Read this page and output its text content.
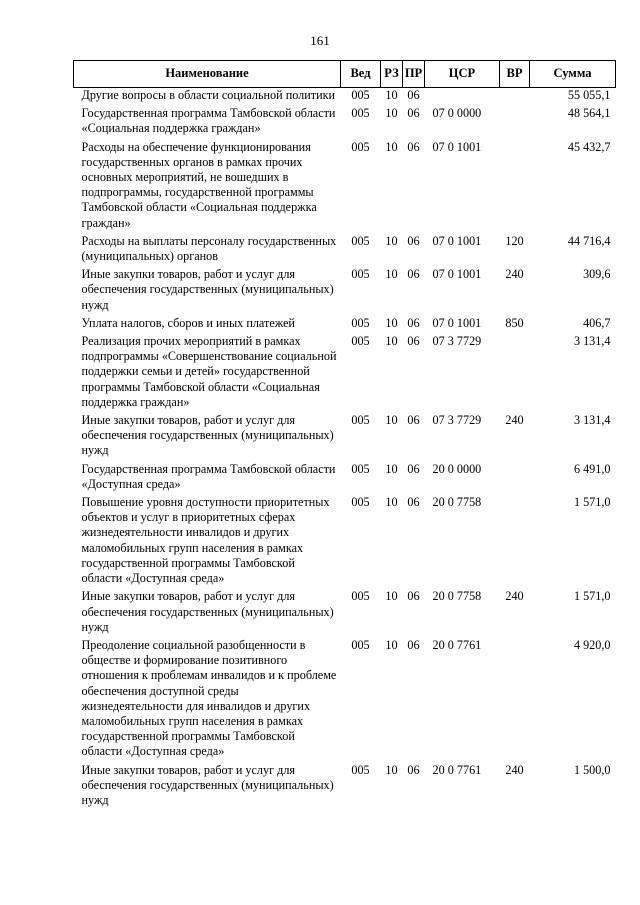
161
Наименование	Вед	РЗ	ПР	ЦСР	ВР	Сумма
Другие вопросы в области социальной политики	005	10	06			55 055,1
Государственная программа Тамбовской области «Социальная поддержка граждан»	005	10	06	07 0 0000		48 564,1
Расходы на обеспечение функционирования государственных органов в рамках прочих основных мероприятий, не вошедших в подпрограммы, государственной программы Тамбовской области «Социальная поддержка граждан»	005	10	06	07 0 1001		45 432,7
Расходы на выплаты персоналу государственных (муниципальных) органов	005	10	06	07 0 1001	120	44 716,4
Иные закупки товаров, работ и услуг для обеспечения государственных (муниципальных) нужд	005	10	06	07 0 1001	240	309,6
Уплата налогов, сборов и иных платежей	005	10	06	07 0 1001	850	406,7
Реализация прочих мероприятий в рамках подпрограммы «Совершенствование социальной поддержки семьи и детей» государственной программы Тамбовской области «Социальная поддержка граждан»	005	10	06	07 3 7729		3 131,4
Иные закупки товаров, работ и услуг для обеспечения государственных (муниципальных) нужд	005	10	06	07 3 7729	240	3 131,4
Государственная программа Тамбовской области «Доступная среда»	005	10	06	20 0 0000		6 491,0
Повышение уровня доступности приоритетных объектов и услуг в приоритетных сферах жизнедеятельности инвалидов и других маломобильных групп населения в рамках государственной программы Тамбовской области «Доступная среда»	005	10	06	20 0 7758		1 571,0
Иные закупки товаров, работ и услуг для обеспечения государственных (муниципальных) нужд	005	10	06	20 0 7758	240	1 571,0
Преодоление социальной разобщенности в обществе и формирование позитивного отношения к проблемам инвалидов и к проблеме обеспечения доступной среды жизнедеятельности для инвалидов и других маломобильных групп населения в рамках государственной программы Тамбовской области «Доступная среда»	005	10	06	20 0 7761		4 920,0
Иные закупки товаров, работ и услуг для обеспечения государственных (муниципальных) нужд	005	10	06	20 0 7761	240	1 500,0
